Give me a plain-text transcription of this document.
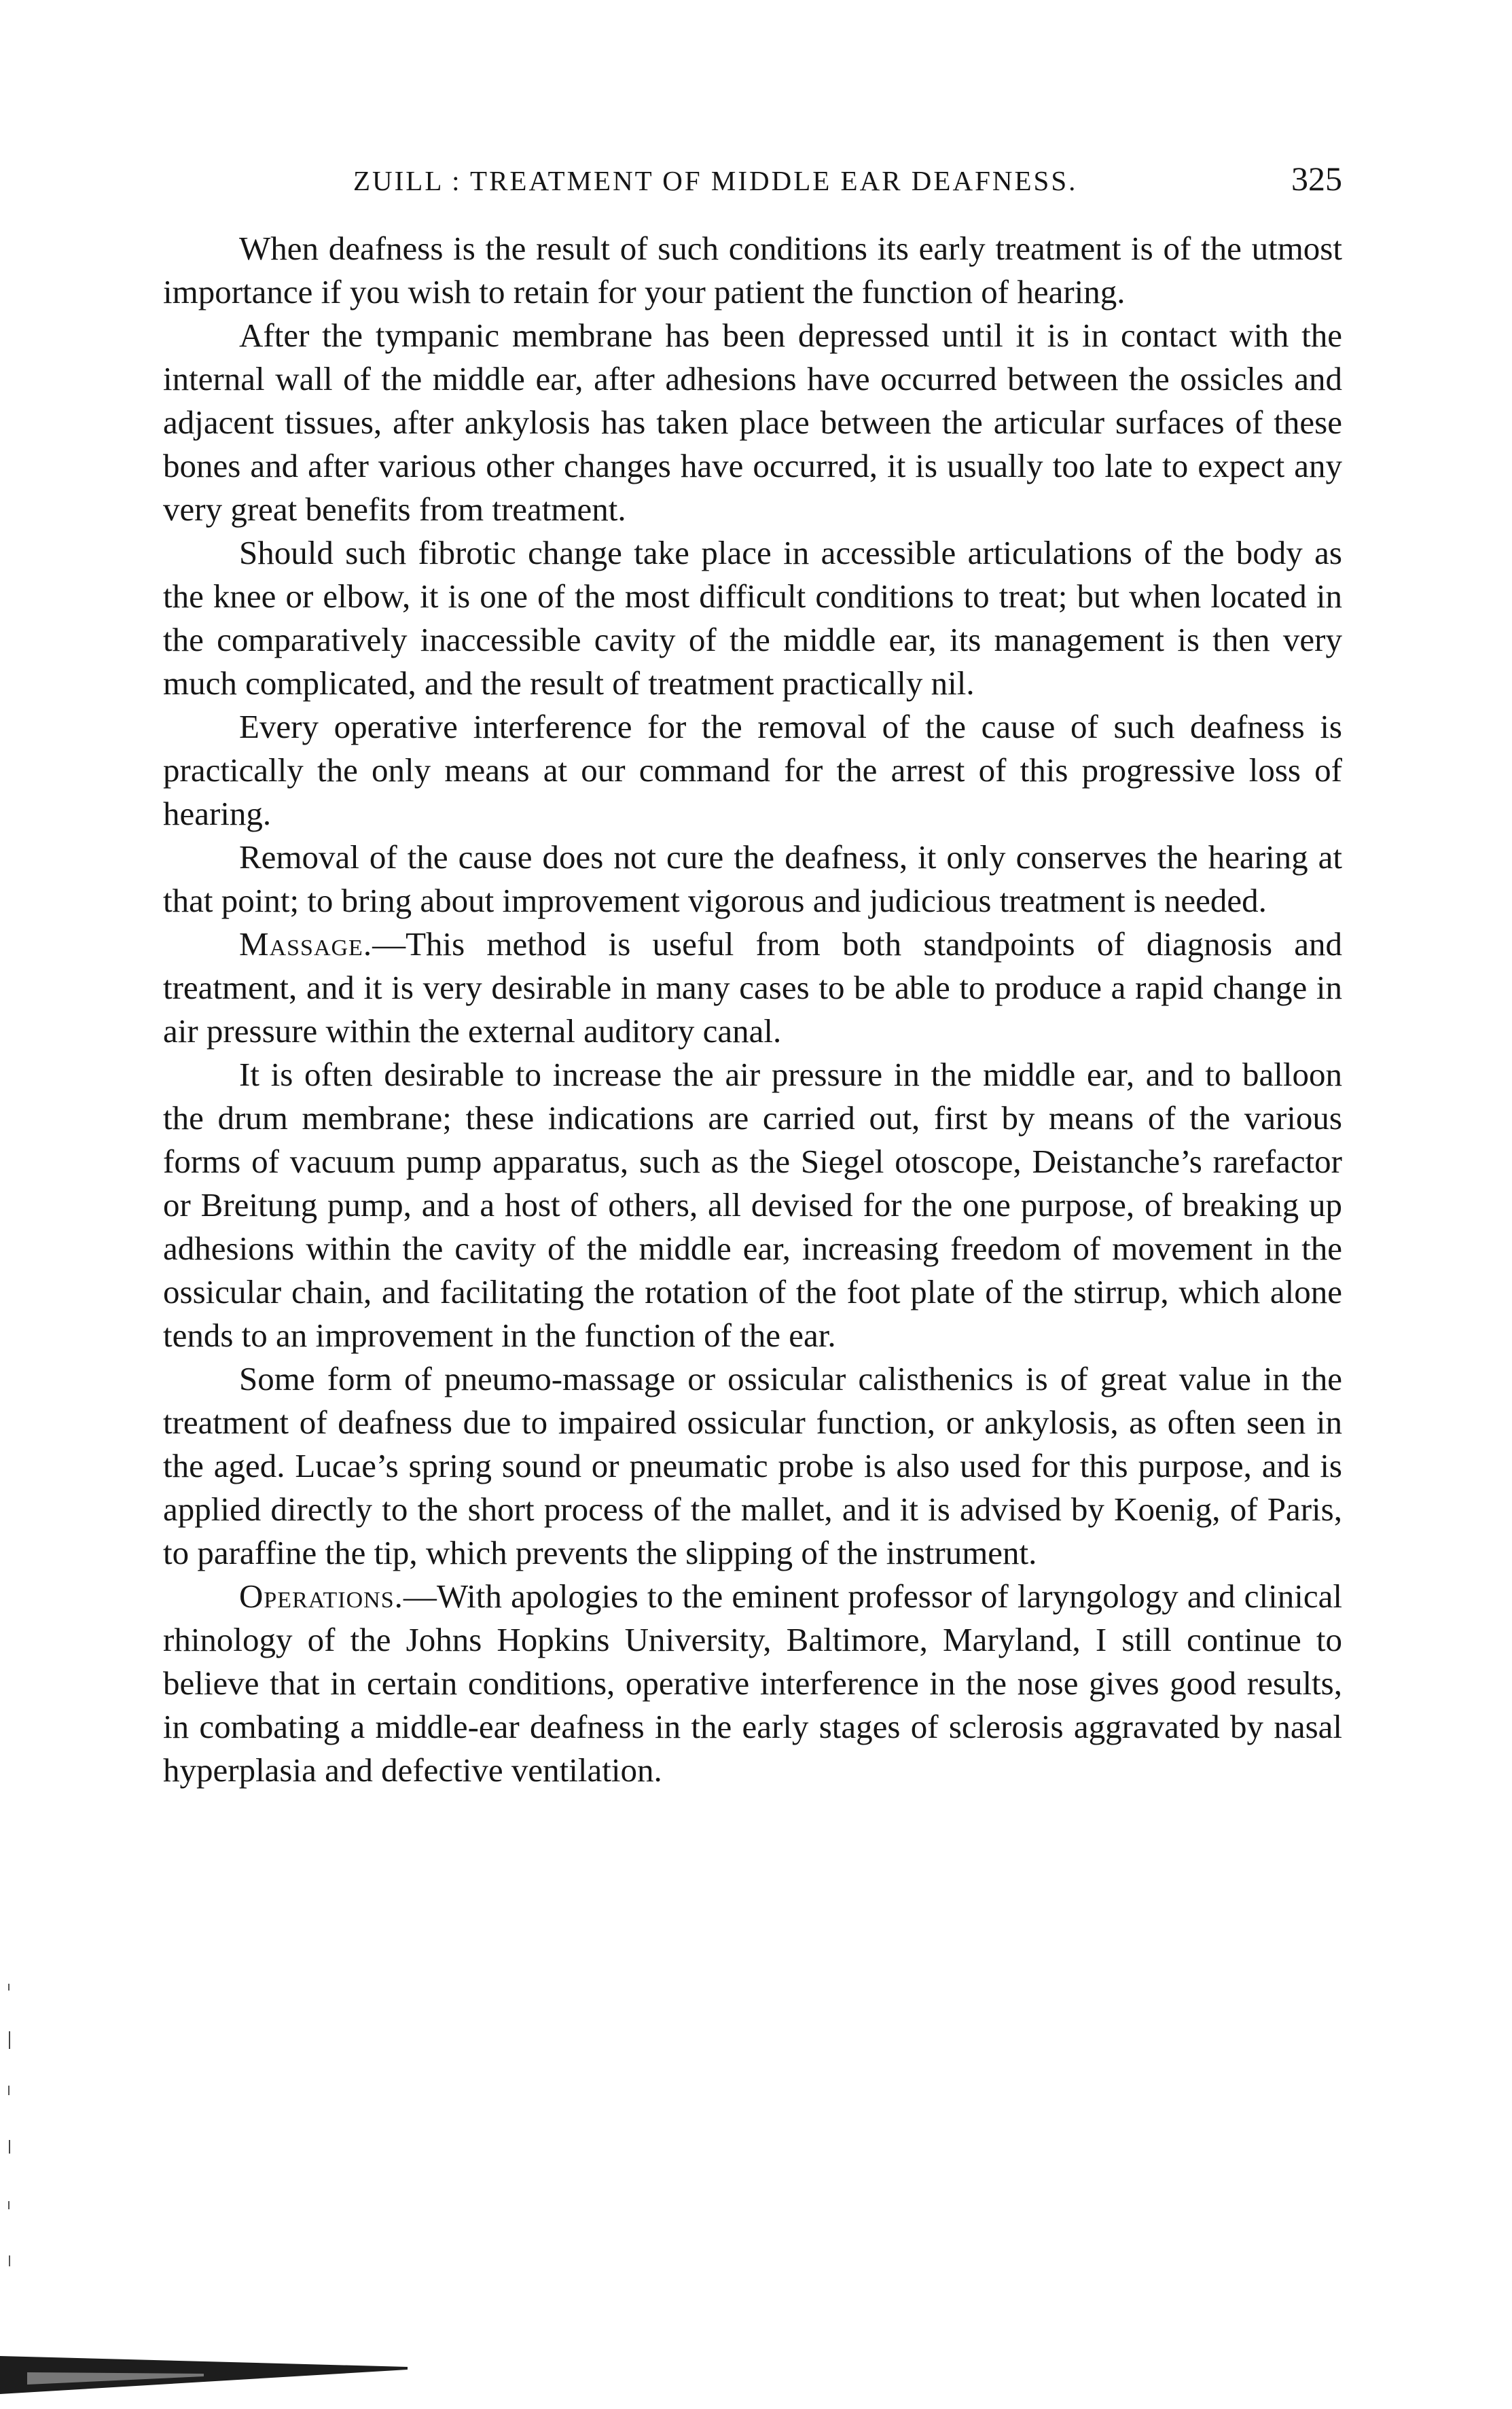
ZUILL : TREATMENT OF MIDDLE EAR DEAFNESS.	325

When deafness is the result of such conditions its early treatment is of the utmost importance if you wish to retain for your patient the function of hearing.

After the tympanic membrane has been depressed until it is in contact with the internal wall of the middle ear, after adhesions have occurred between the ossicles and adjacent tissues, after ankylosis has taken place between the articular surfaces of these bones and after various other changes have occurred, it is usually too late to expect any very great benefits from treatment.

Should such fibrotic change take place in accessible articulations of the body as the knee or elbow, it is one of the most difficult conditions to treat; but when located in the comparatively inaccessible cavity of the middle ear, its management is then very much complicated, and the result of treatment practically nil.

Every operative interference for the removal of the cause of such deafness is practically the only means at our command for the arrest of this progressive loss of hearing.

Removal of the cause does not cure the deafness, it only conserves the hearing at that point; to bring about improvement vigorous and judicious treatment is needed.

Massage.—This method is useful from both standpoints of diagnosis and treatment, and it is very desirable in many cases to be able to produce a rapid change in air pressure within the external auditory canal.

It is often desirable to increase the air pressure in the middle ear, and to balloon the drum membrane; these indications are carried out, first by means of the various forms of vacuum pump apparatus, such as the Siegel otoscope, Deistanche’s rarefactor or Breitung pump, and a host of others, all devised for the one purpose, of breaking up adhesions within the cavity of the middle ear, increasing freedom of movement in the ossicular chain, and facilitating the rotation of the foot plate of the stirrup, which alone tends to an improvement in the function of the ear.

Some form of pneumo-massage or ossicular calisthenics is of great value in the treatment of deafness due to impaired ossicular function, or ankylosis, as often seen in the aged. Lucae’s spring sound or pneumatic probe is also used for this purpose, and is applied directly to the short process of the mallet, and it is advised by Koenig, of Paris, to paraffine the tip, which prevents the slipping of the instrument.

Operations.—With apologies to the eminent professor of laryngology and clinical rhinology of the Johns Hopkins University, Baltimore, Maryland, I still continue to believe that in certain conditions, operative interference in the nose gives good results, in combating a middle-ear deafness in the early stages of sclerosis aggravated by nasal hyperplasia and defective ventilation.
